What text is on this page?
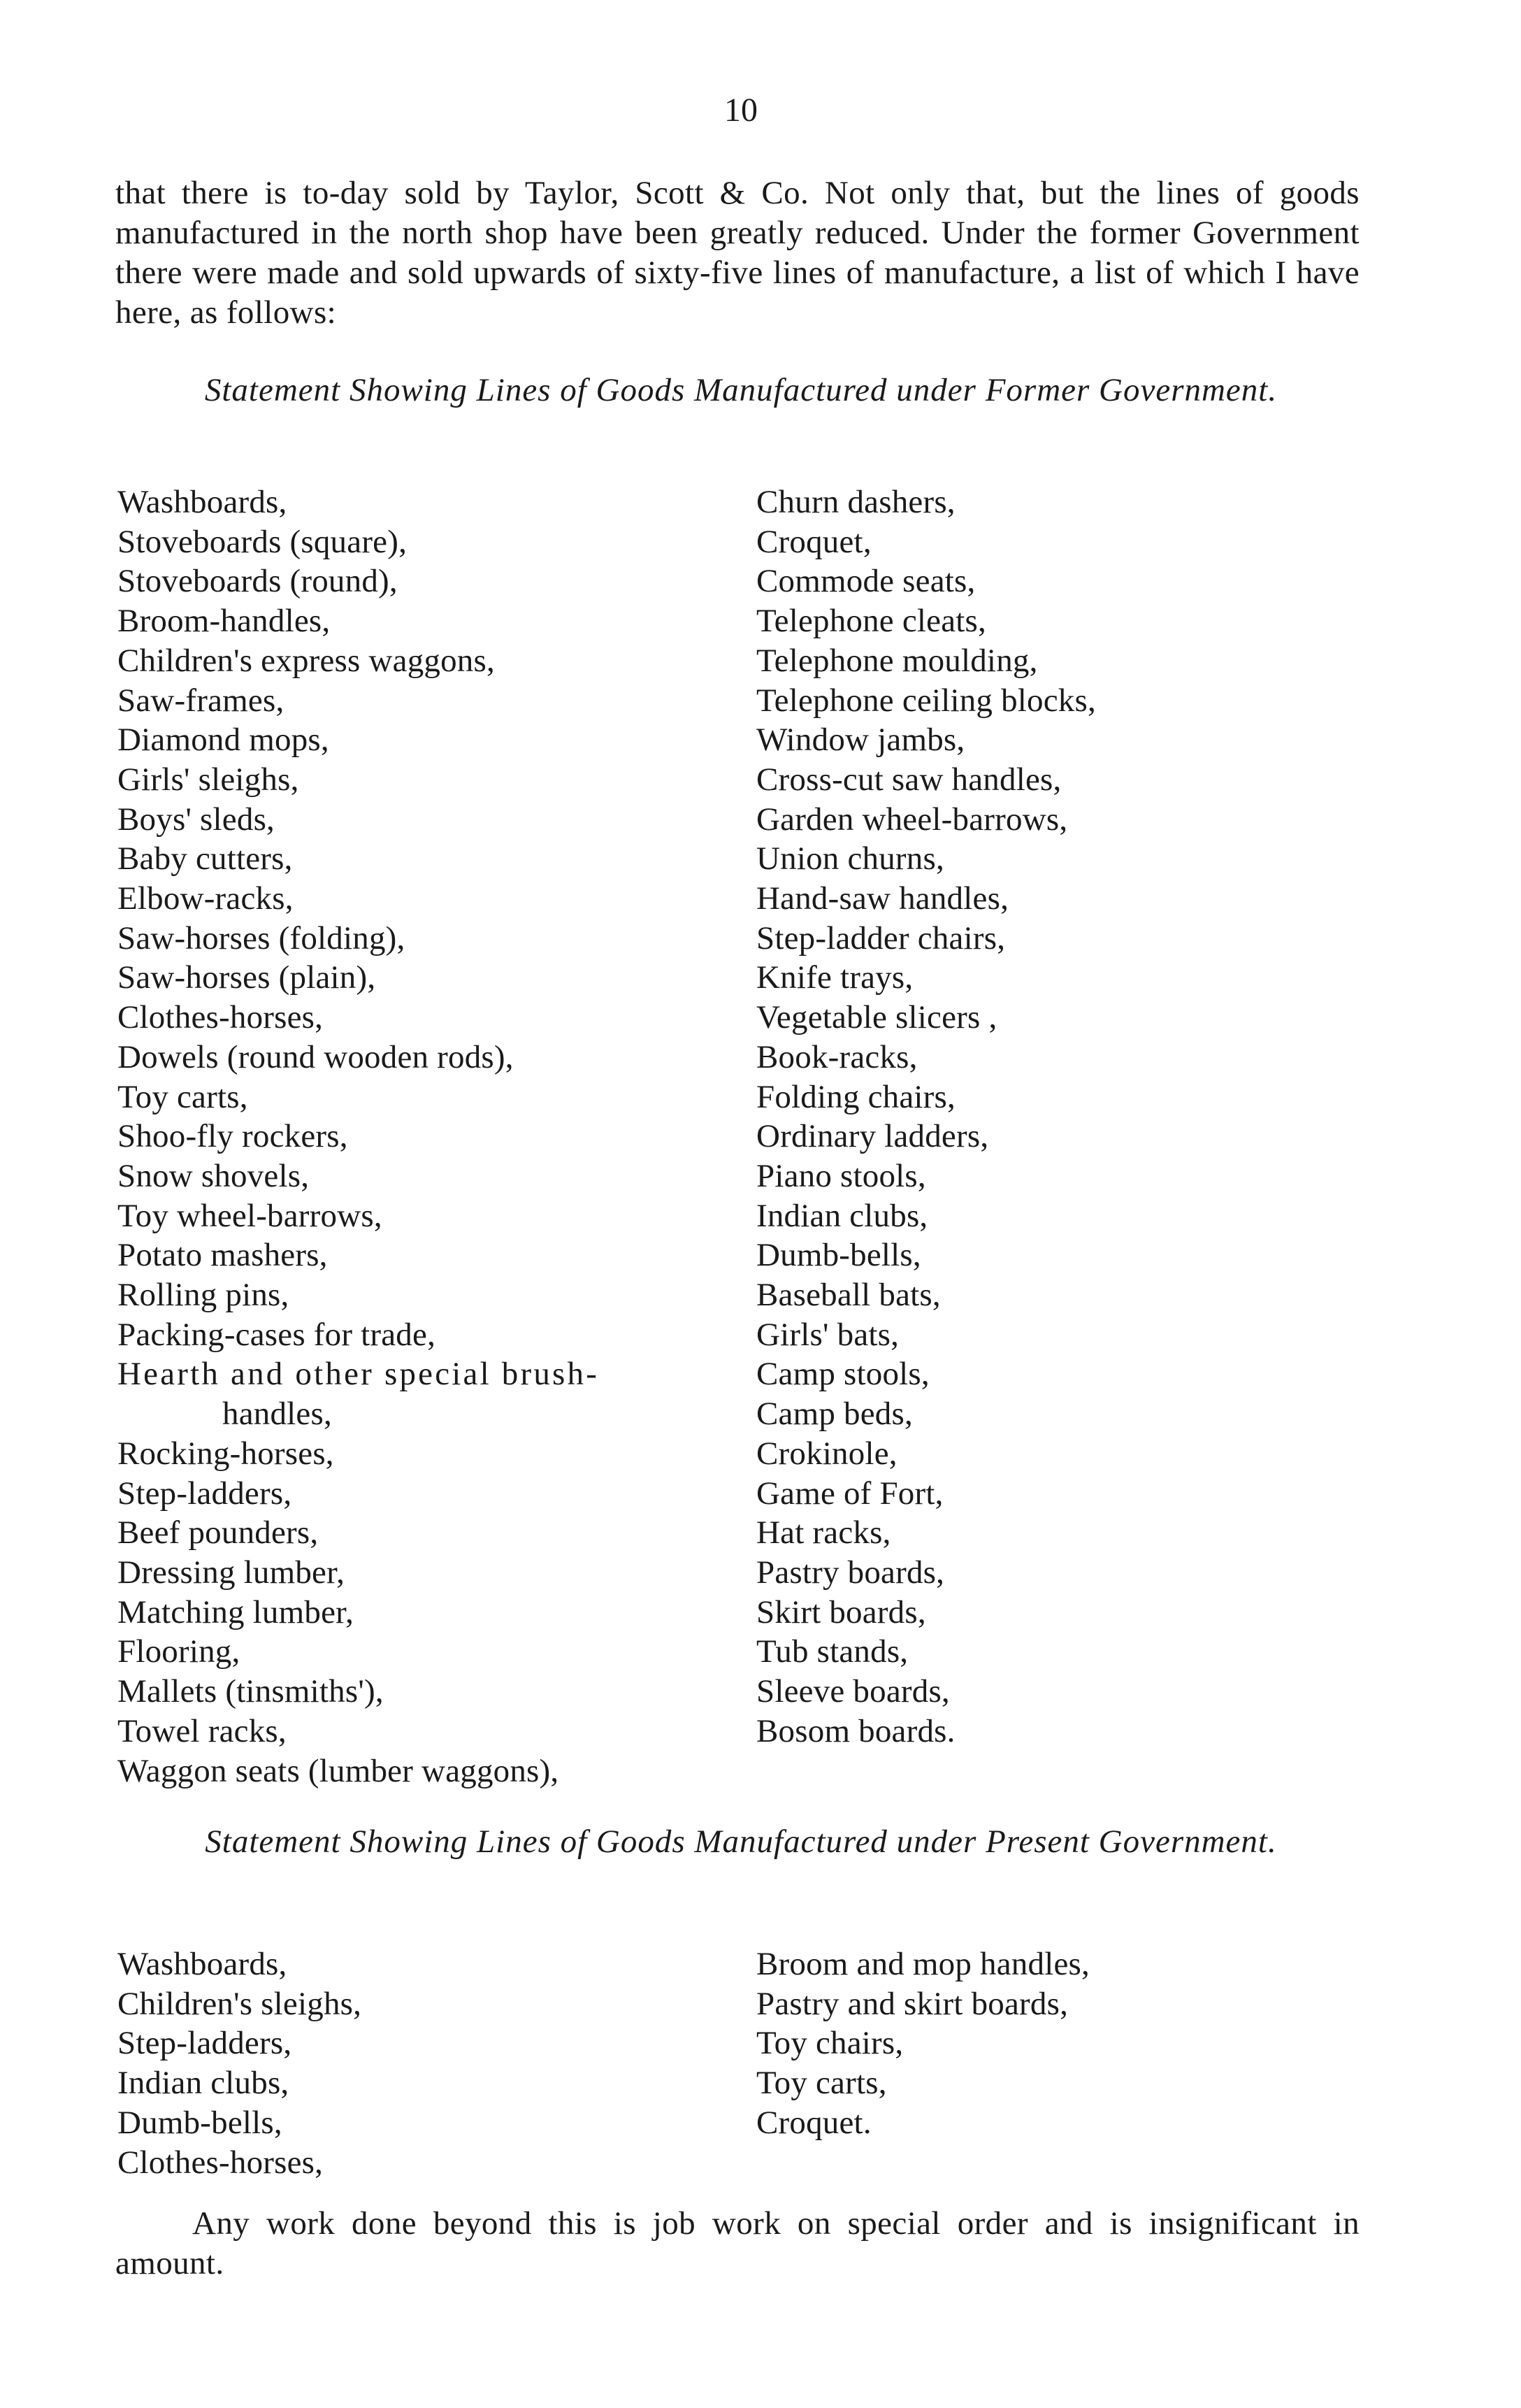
10

that there is to-day sold by Taylor, Scott & Co. Not only that, but the lines of goods manufactured in the north shop have been greatly reduced. Under the former Government there were made and sold upwards of sixty-five lines of manufacture, a list of which I have here, as follows:

Statement Showing Lines of Goods Manufactured under Former Government.
Washboards,
Stoveboards (square),
Stoveboards (round),
Broom-handles,
Children's express waggons,
Saw-frames,
Diamond mops,
Girls' sleighs,
Boys' sleds,
Baby cutters,
Elbow-racks,
Saw-horses (folding),
Saw-horses (plain),
Clothes-horses,
Dowels (round wooden rods),
Toy carts,
Shoo-fly rockers,
Snow shovels,
Toy wheel-barrows,
Potato mashers,
Rolling pins,
Packing-cases for trade,
Hearth and other special brush-
handles,
Rocking-horses,
Step-ladders,
Beef pounders,
Dressing lumber,
Matching lumber,
Flooring,
Mallets (tinsmiths'),
Towel racks,
Waggon seats (lumber waggons),
Churn dashers,
Croquet,
Commode seats,
Telephone cleats,
Telephone moulding,
Telephone ceiling blocks,
Window jambs,
Cross-cut saw handles,
Garden wheel-barrows,
Union churns,
Hand-saw handles,
Step-ladder chairs,
Knife trays,
Vegetable slicers ,
Book-racks,
Folding chairs,
Ordinary ladders,
Piano stools,
Indian clubs,
Dumb-bells,
Baseball bats,
Girls' bats,
Camp stools,
Camp beds,
Crokinole,
Game of Fort,
Hat racks,
Pastry boards,
Skirt boards,
Tub stands,
Sleeve boards,
Bosom boards.
Statement Showing Lines of Goods Manufactured under Present Government.
Washboards,
Children's sleighs,
Step-ladders,
Indian clubs,
Dumb-bells,
Clothes-horses,
Broom and mop handles,
Pastry and skirt boards,
Toy chairs,
Toy carts,
Croquet.

Any work done beyond this is job work on special order and is insignificant in amount.
